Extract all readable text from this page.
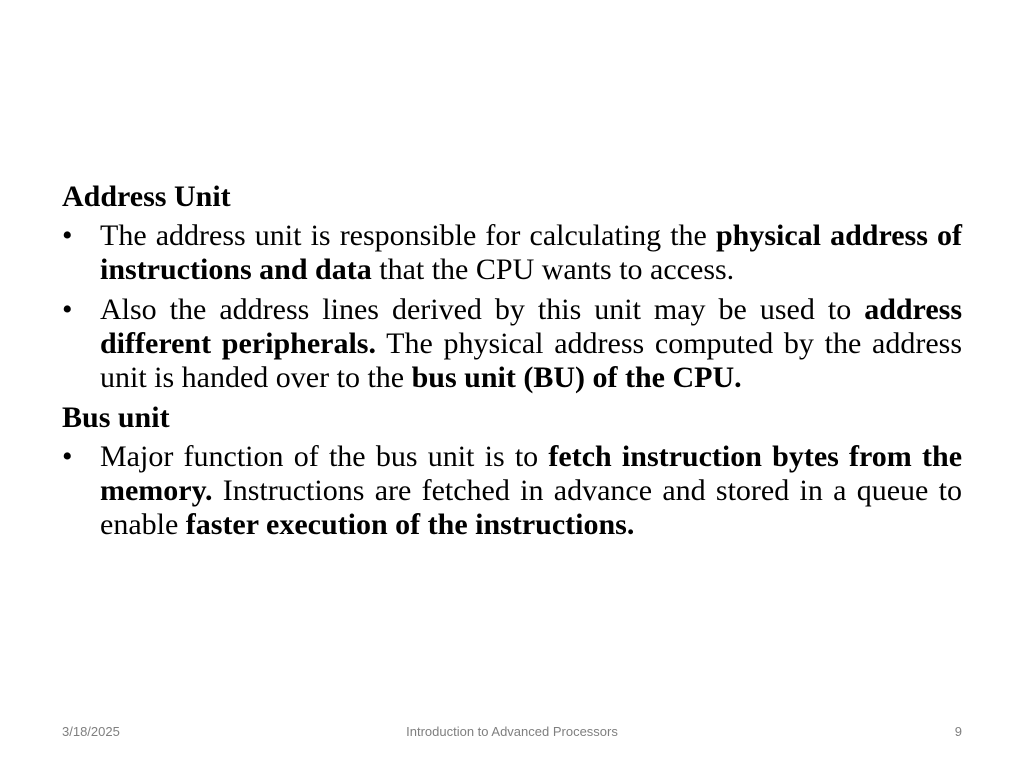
Address Unit
• The address unit is responsible for calculating the physical address of instructions and data that the CPU wants to access.
• Also the address lines derived by this unit may be used to address different peripherals. The physical address computed by the address unit is handed over to the bus unit (BU) of the CPU.
Bus unit
• Major function of the bus unit is to fetch instruction bytes from the memory. Instructions are fetched in advance and stored in a queue to enable faster execution of the instructions.
3/18/2025	Introduction to Advanced Processors	9
